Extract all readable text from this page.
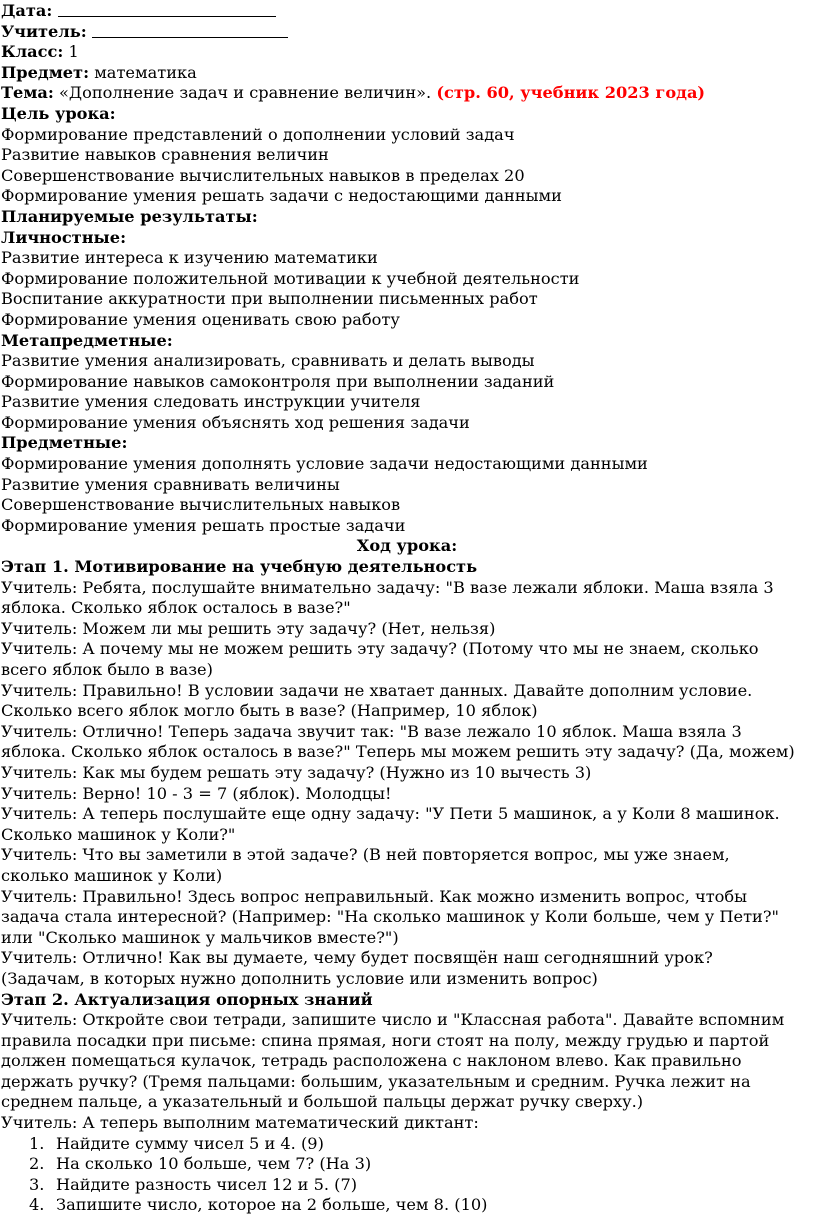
Дата:
Учитель:
Класс: 1
Предмет: математика
Тема: «Дополнение задач и сравнение величин». (стр. 60, учебник 2023 года)
Цель урока:
Формирование представлений о дополнении условий задач
Развитие навыков сравнения величин
Совершенствование вычислительных навыков в пределах 20
Формирование умения решать задачи с недостающими данными
Планируемые результаты:
Личностные:
Развитие интереса к изучению математики
Формирование положительной мотивации к учебной деятельности
Воспитание аккуратности при выполнении письменных работ
Формирование умения оценивать свою работу
Метапредметные:
Развитие умения анализировать, сравнивать и делать выводы
Формирование навыков самоконтроля при выполнении заданий
Развитие умения следовать инструкции учителя
Формирование умения объяснять ход решения задачи
Предметные:
Формирование умения дополнять условие задачи недостающими данными
Развитие умения сравнивать величины
Совершенствование вычислительных навыков
Формирование умения решать простые задачи
Ход урока:
Этап 1. Мотивирование на учебную деятельность
Учитель: Ребята, послушайте внимательно задачу: "В вазе лежали яблоки. Маша взяла 3
яблока. Сколько яблок осталось в вазе?"
Учитель: Можем ли мы решить эту задачу? (Нет, нельзя)
Учитель: А почему мы не можем решить эту задачу? (Потому что мы не знаем, сколько
всего яблок было в вазе)
Учитель: Правильно! В условии задачи не хватает данных. Давайте дополним условие.
Сколько всего яблок могло быть в вазе? (Например, 10 яблок)
Учитель: Отлично! Теперь задача звучит так: "В вазе лежало 10 яблок. Маша взяла 3
яблока. Сколько яблок осталось в вазе?" Теперь мы можем решить эту задачу? (Да, можем)
Учитель: Как мы будем решать эту задачу? (Нужно из 10 вычесть 3)
Учитель: Верно! 10 - 3 = 7 (яблок). Молодцы!
Учитель: А теперь послушайте еще одну задачу: "У Пети 5 машинок, а у Коли 8 машинок.
Сколько машинок у Коли?"
Учитель: Что вы заметили в этой задаче? (В ней повторяется вопрос, мы уже знаем,
сколько машинок у Коли)
Учитель: Правильно! Здесь вопрос неправильный. Как можно изменить вопрос, чтобы
задача стала интересной? (Например: "На сколько машинок у Коли больше, чем у Пети?"
или "Сколько машинок у мальчиков вместе?")
Учитель: Отлично! Как вы думаете, чему будет посвящён наш сегодняшний урок?
(Задачам, в которых нужно дополнить условие или изменить вопрос)
Этап 2. Актуализация опорных знаний
Учитель: Откройте свои тетради, запишите число и "Классная работа". Давайте вспомним
правила посадки при письме: спина прямая, ноги стоят на полу, между грудью и партой
должен помещаться кулачок, тетрадь расположена с наклоном влево. Как правильно
держать ручку? (Тремя пальцами: большим, указательным и средним. Ручка лежит на
среднем пальце, а указательный и большой пальцы держат ручку сверху.)
Учитель: А теперь выполним математический диктант:
1. Найдите сумму чисел 5 и 4. (9)
2. На сколько 10 больше, чем 7? (На 3)
3. Найдите разность чисел 12 и 5. (7)
4. Запишите число, которое на 2 больше, чем 8. (10)
